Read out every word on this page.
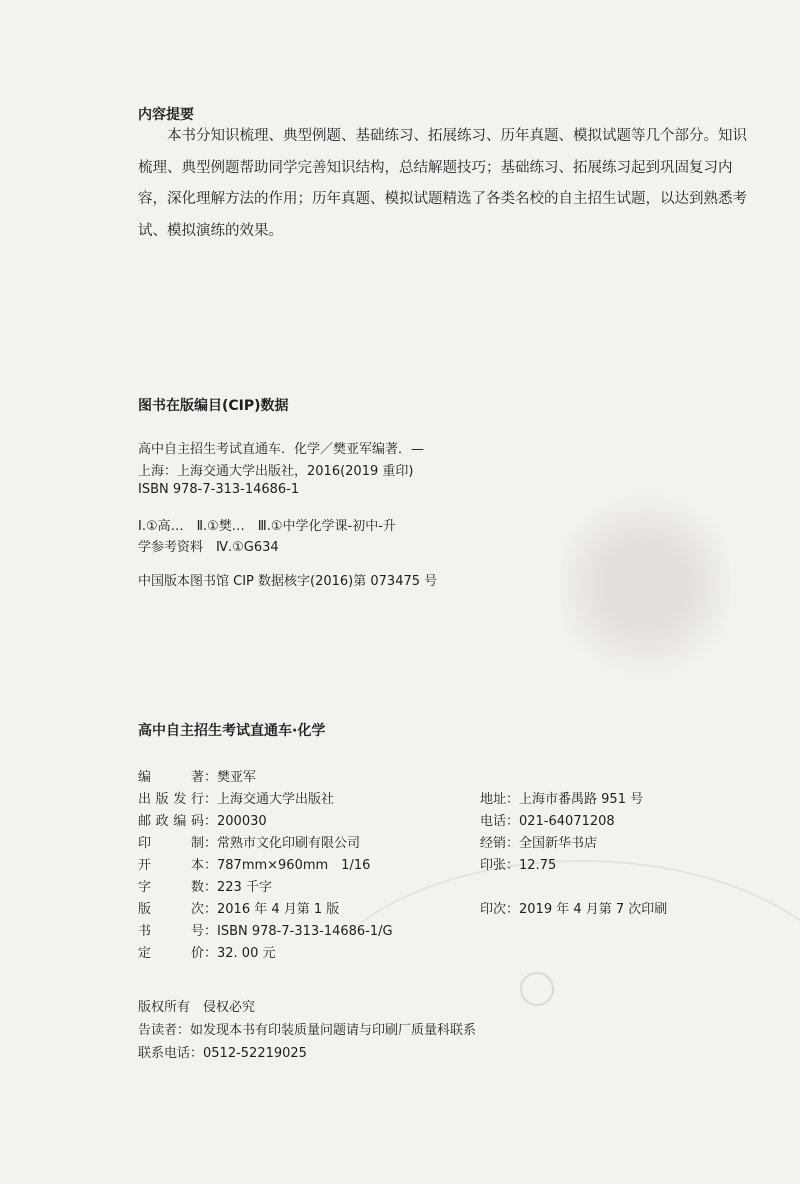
内容提要
本书分知识梳理、典型例题、基础练习、拓展练习、历年真题、模拟试题等几个部分。知识梳理、典型例题帮助同学完善知识结构，总结解题技巧；基础练习、拓展练习起到巩固复习内容，深化理解方法的作用；历年真题、模拟试题精选了各类名校的自主招生试题，以达到熟悉考试、模拟演练的效果。
图书在版编目(CIP)数据
高中自主招生考试直通车．化学／樊亚军编著．—
上海：上海交通大学出版社，2016(2019 重印)
ISBN 978-7-313-14686-1
Ⅰ.①高…　Ⅱ.①樊…　Ⅲ.①中学化学课-初中-升
学参考资料　Ⅳ.①G634
中国版本图书馆 CIP 数据核字(2016)第 073475 号
高中自主招生考试直通车·化学
编著：樊亚军
出版发行：上海交通大学出版社
邮政编码：200030
印制：常熟市文化印刷有限公司
开本：787mm×960mm　1/16
字数：223 千字
版次：2016 年 4 月第 1 版
书号：ISBN 978-7-313-14686-1/G
定价：32. 00 元
地址：上海市番禺路 951 号
电话：021-64071208
经销：全国新华书店
印张：12.75
印次：2019 年 4 月第 7 次印刷
版权所有　侵权必究
告读者：如发现本书有印装质量问题请与印刷厂质量科联系
联系电话：0512-52219025
